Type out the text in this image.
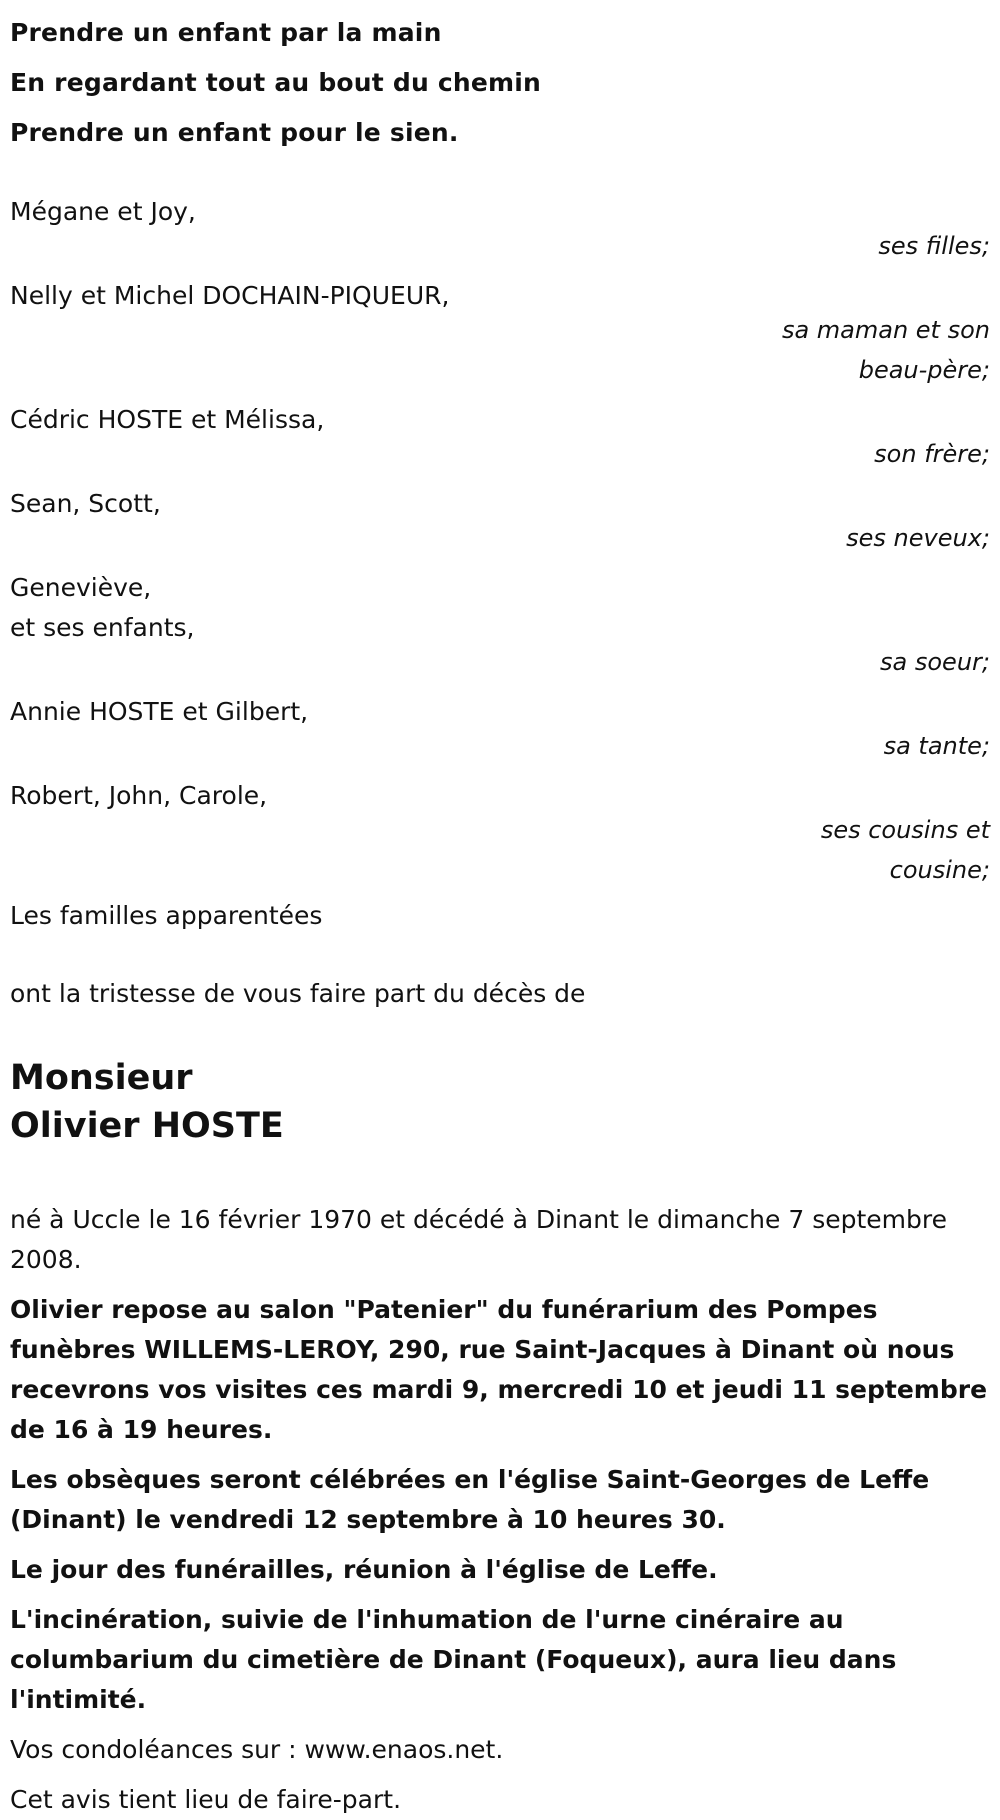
Prendre un enfant par la main
En regardant tout au bout du chemin
Prendre un enfant pour le sien.
Mégane et Joy,
ses filles;
Nelly et Michel DOCHAIN-PIQUEUR,
sa maman et son beau-père;
Cédric HOSTE et Mélissa,
son frère;
Sean, Scott,
ses neveux;
Geneviève,
et ses enfants,
sa soeur;
Annie HOSTE et Gilbert,
sa tante;
Robert, John, Carole,
ses cousins et cousine;
Les familles apparentées
ont la tristesse de vous faire part du décès de
Monsieur
Olivier HOSTE
né à Uccle le 16 février 1970 et décédé à Dinant le dimanche 7 septembre 2008.
Olivier repose au salon "Patenier" du funérarium des Pompes funèbres WILLEMS-LEROY, 290, rue Saint-Jacques à Dinant où nous recevrons vos visites ces mardi 9, mercredi 10 et jeudi 11 septembre de 16 à 19 heures.
Les obsèques seront célébrées en l'église Saint-Georges de Leffe (Dinant) le vendredi 12 septembre à 10 heures 30.
Le jour des funérailles, réunion à l'église de Leffe.
L'incinération, suivie de l'inhumation de l'urne cinéraire au columbarium du cimetière de Dinant (Foqueux), aura lieu dans l'intimité.
Vos condoléances sur : www.enaos.net.
Cet avis tient lieu de faire-part.
